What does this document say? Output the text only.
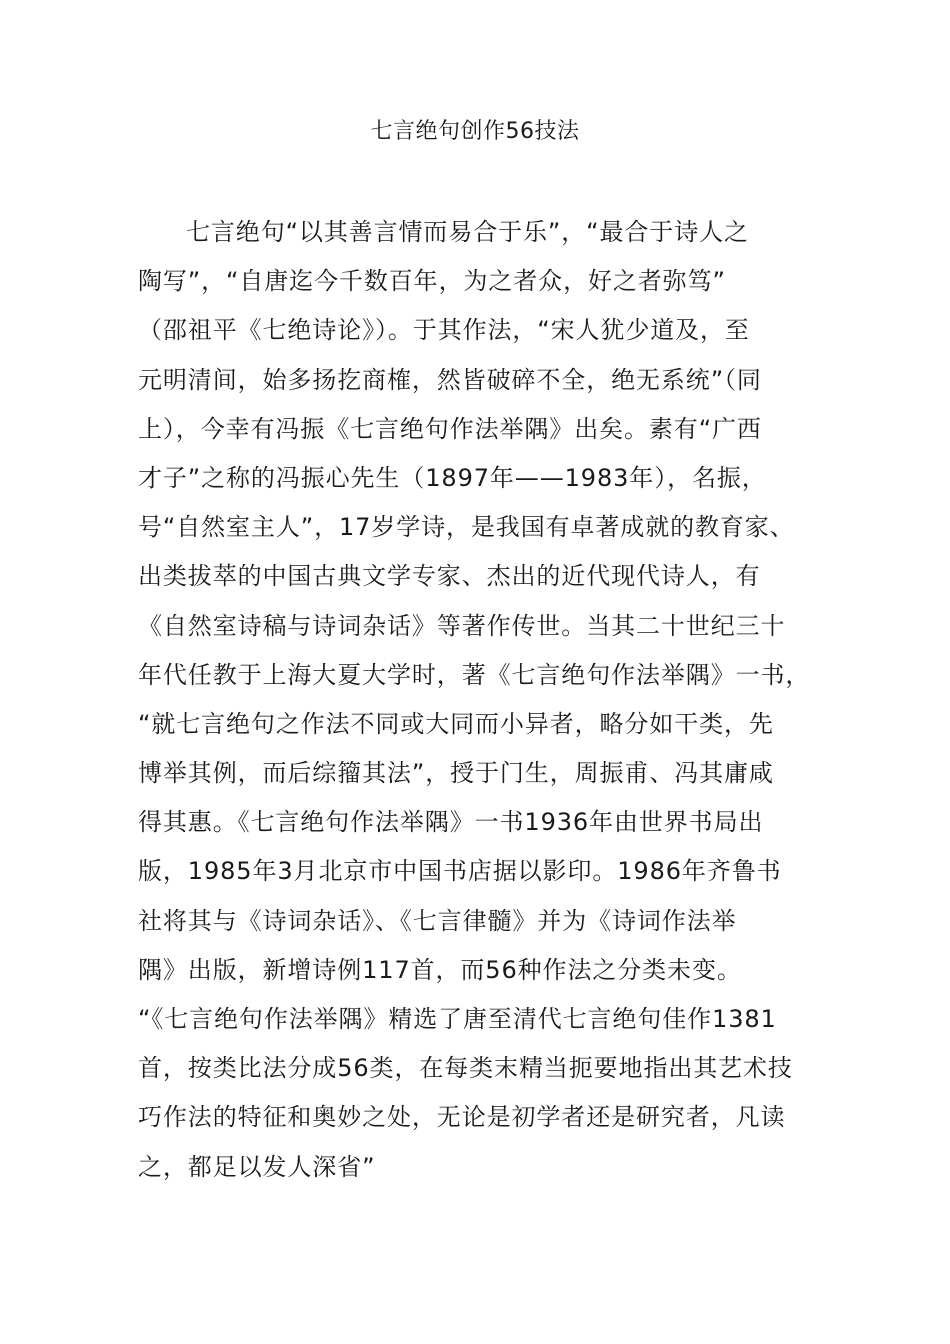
七言绝句创作56技法
七言绝句“以其善言情而易合于乐”，“最合于诗人之
陶写”，“自唐迄今千数百年，为之者众，好之者弥笃”
（邵祖平《七绝诗论》）。于其作法，“宋人犹少道及，至
元明清间，始多扬扢商榷，然皆破碎不全，绝无系统”（同
上），今幸有冯振《七言绝句作法举隅》出矣。素有“广西
才子”之称的冯振心先生（1897年——1983年），名振，
号“自然室主人”，17岁学诗，是我国有卓著成就的教育家、
出类拔萃的中国古典文学专家、杰出的近代现代诗人，有
《自然室诗稿与诗词杂话》等著作传世。当其二十世纪三十
年代任教于上海大夏大学时，著《七言绝句作法举隅》一书，
“就七言绝句之作法不同或大同而小异者，略分如干类，先
博举其例，而后综籀其法”，授于门生，周振甫、冯其庸咸
得其惠。《七言绝句作法举隅》一书1936年由世界书局出
版，1985年3月北京市中国书店据以影印。1986年齐鲁书
社将其与《诗词杂话》、《七言律髓》并为《诗词作法举
隅》出版，新增诗例117首，而56种作法之分类未变。
“《七言绝句作法举隅》精选了唐至清代七言绝句佳作1381
首，按类比法分成56类，在每类末精当扼要地指出其艺术技
巧作法的特征和奥妙之处，无论是初学者还是研究者，凡读
之，都足以发人深省”
